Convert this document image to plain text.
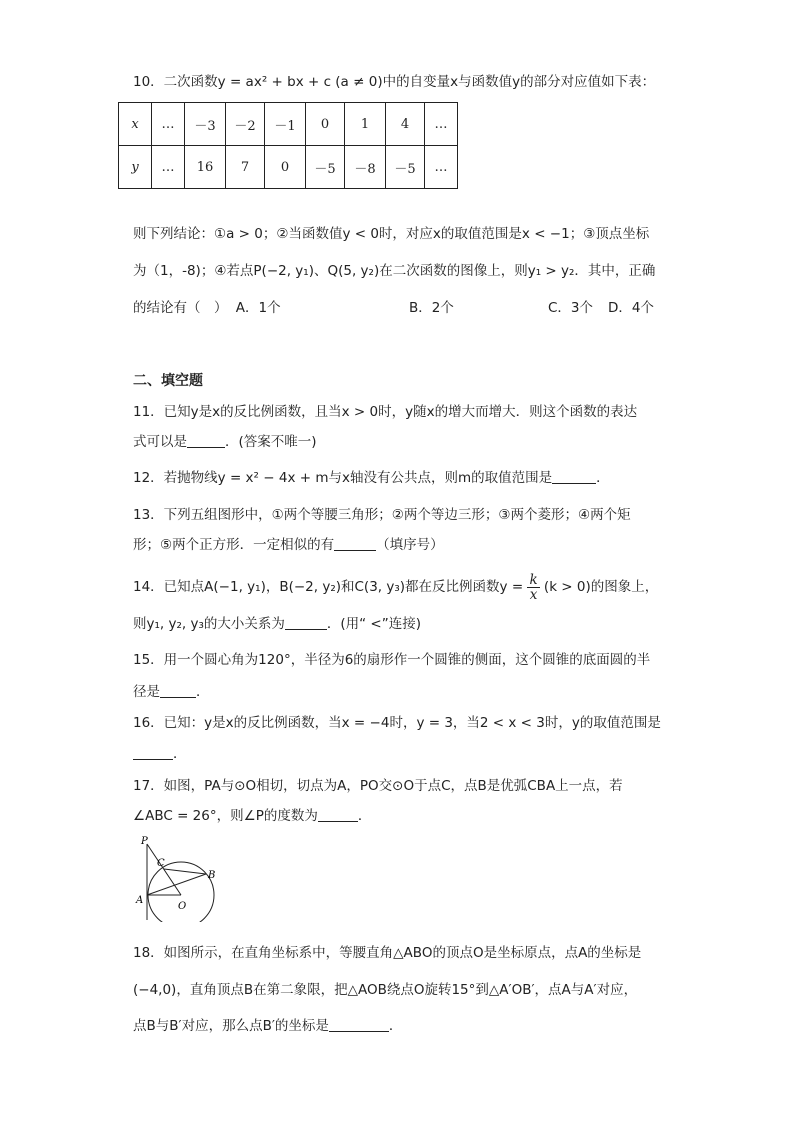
10．二次函数y = ax² + bx + c (a ≠ 0)中的自变量x与函数值y的部分对应值如下表：
x	…	－3	－2	－1	0	1	4	…
y	…	16	7	0	－5	－8	－5	…
则下列结论：①a > 0；②当函数值y < 0时，对应x的取值范围是x < −1；③顶点坐标
为（1，-8)；④若点P(−2, y₁)、Q(5, y₂)在二次函数的图像上，则y₁ > y₂．其中，正确
的结论有（　） A．1个	B．2个	C．3个 D．4个
二、填空题
11．已知y是x的反比例函数，且当x > 0时，y随x的增大而增大．则这个函数的表达
式可以是	．(答案不唯一)
12．若抛物线y = x² − 4x + m与x轴没有公共点，则m的取值范围是	．
13．下列五组图形中，①两个等腰三角形；②两个等边三形；③两个菱形；④两个矩
形；⑤两个正方形．一定相似的有	（填序号）
14．已知点A(−1, y₁)，B(−2, y₂)和C(3, y₃)都在反比例函数$y = \frac{k}{x} (k > 0)$的图象上，
则y₁, y₂, y₃的大小关系为	．(用“ <”连接)
15．用一个圆心角为120°，半径为6的扇形作一个圆锥的侧面，这个圆锥的底面圆的半
径是	．
16．已知：y是x的反比例函数，当x = −4时，y = 3，当2 < x < 3时，y的取值范围是
．
17．如图，PA与⊙O相切，切点为A，PO交⊙O于点C，点B是优弧CBA上一点，若
∠ABC = 26°，则∠P的度数为	．
P
C
B
A
O
18．如图所示，在直角坐标系中，等腰直角△ABO的顶点O是坐标原点，点A的坐标是
(−4,0)，直角顶点B在第二象限，把△AOB绕点O旋转15°到△A′OB′，点A与A′对应，
点B与B′对应，那么点B′的坐标是	．
